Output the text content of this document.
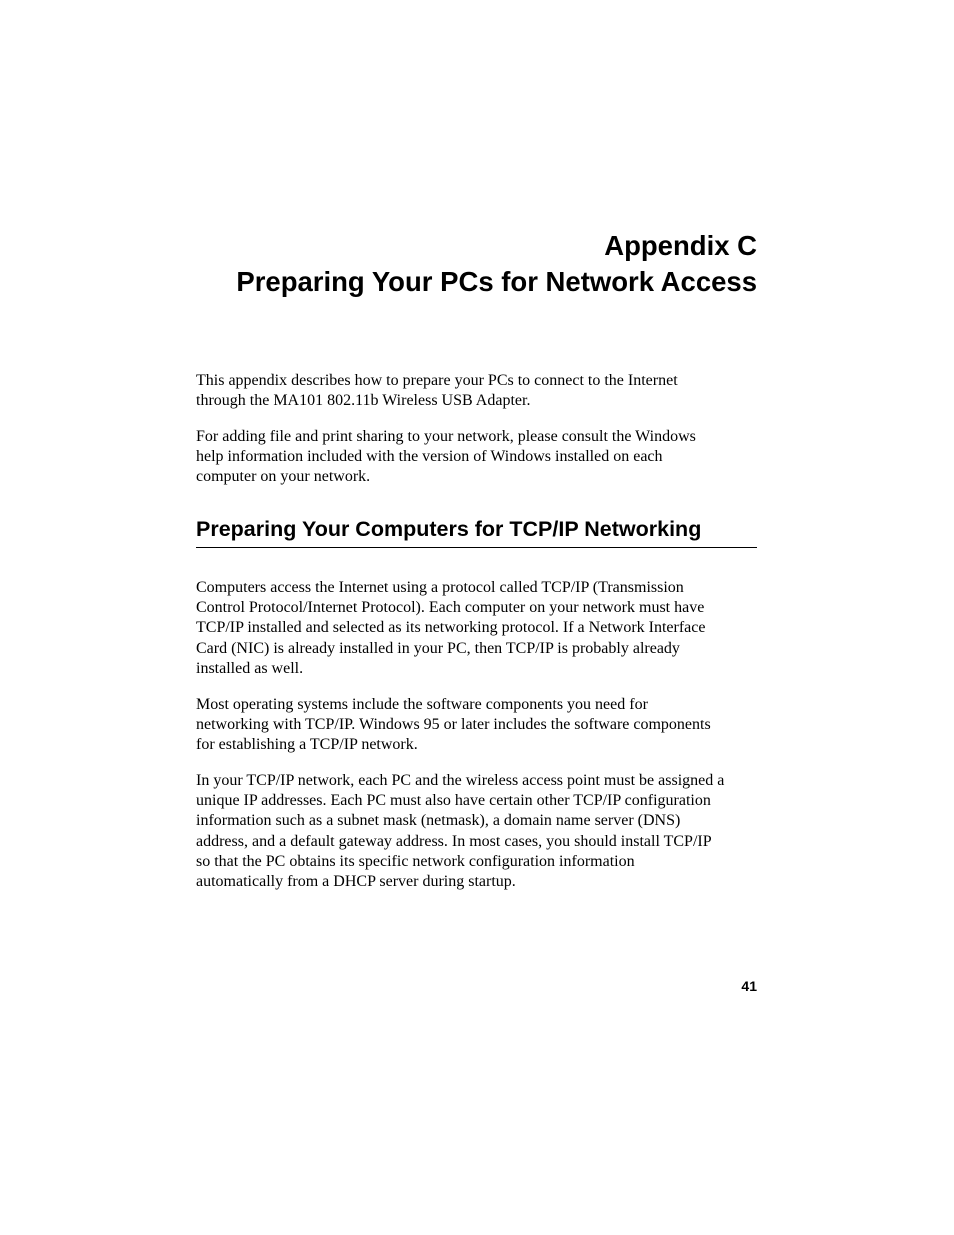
Appendix C
Preparing Your PCs for Network Access

This appendix describes how to prepare your PCs to connect to the Internet
through the MA101 802.11b Wireless USB Adapter.

For adding file and print sharing to your network, please consult the Windows
help information included with the version of Windows installed on each
computer on your network.

Preparing Your Computers for TCP/IP Networking

Computers access the Internet using a protocol called TCP/IP (Transmission
Control Protocol/Internet Protocol). Each computer on your network must have
TCP/IP installed and selected as its networking protocol. If a Network Interface
Card (NIC) is already installed in your PC, then TCP/IP is probably already
installed as well.

Most operating systems include the software components you need for
networking with TCP/IP. Windows 95 or later includes the software components
for establishing a TCP/IP network.

In your TCP/IP network, each PC and the wireless access point must be assigned a
unique IP addresses. Each PC must also have certain other TCP/IP configuration
information such as a subnet mask (netmask), a domain name server (DNS)
address, and a default gateway address. In most cases, you should install TCP/IP
so that the PC obtains its specific network configuration information
automatically from a DHCP server during startup.

41
